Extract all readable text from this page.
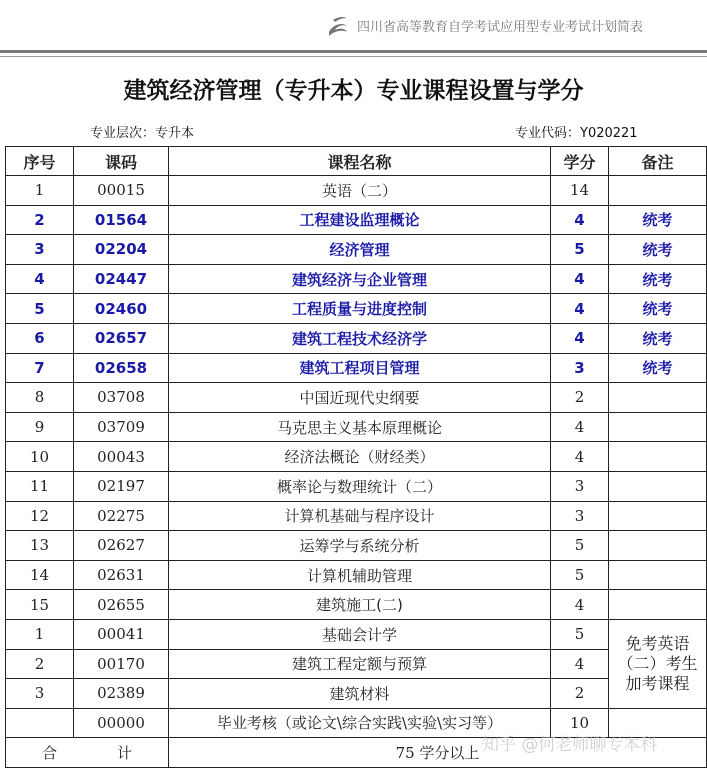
四川省高等教育自学考试应用型专业考试计划简表
建筑经济管理（专升本）专业课程设置与学分
专业层次：专升本	专业代码：Y020221
序号	课码	课程名称	学分	备注
1	00015	英语（二）	14	
2	01564	工程建设监理概论	4	统考
3	02204	经济管理	5	统考
4	02447	建筑经济与企业管理	4	统考
5	02460	工程质量与进度控制	4	统考
6	02657	建筑工程技术经济学	4	统考
7	02658	建筑工程项目管理	3	统考
8	03708	中国近现代史纲要	2	
9	03709	马克思主义基本原理概论	4	
10	00043	经济法概论（财经类）	4	
11	02197	概率论与数理统计（二）	3	
12	02275	计算机基础与程序设计	3	
13	02627	运筹学与系统分析	5	
14	02631	计算机辅助管理	5	
15	02655	建筑施工(二)	4	
1	00041	基础会计学	5	免考英语（二）考生加考课程
2	00170	建筑工程定额与预算	4	
3	02389	建筑材料	2	
	00000	毕业考核（或论文\综合实践\实验\实习等）	10	
合 计		75 学分以上		知乎 @何老师聊专本科
